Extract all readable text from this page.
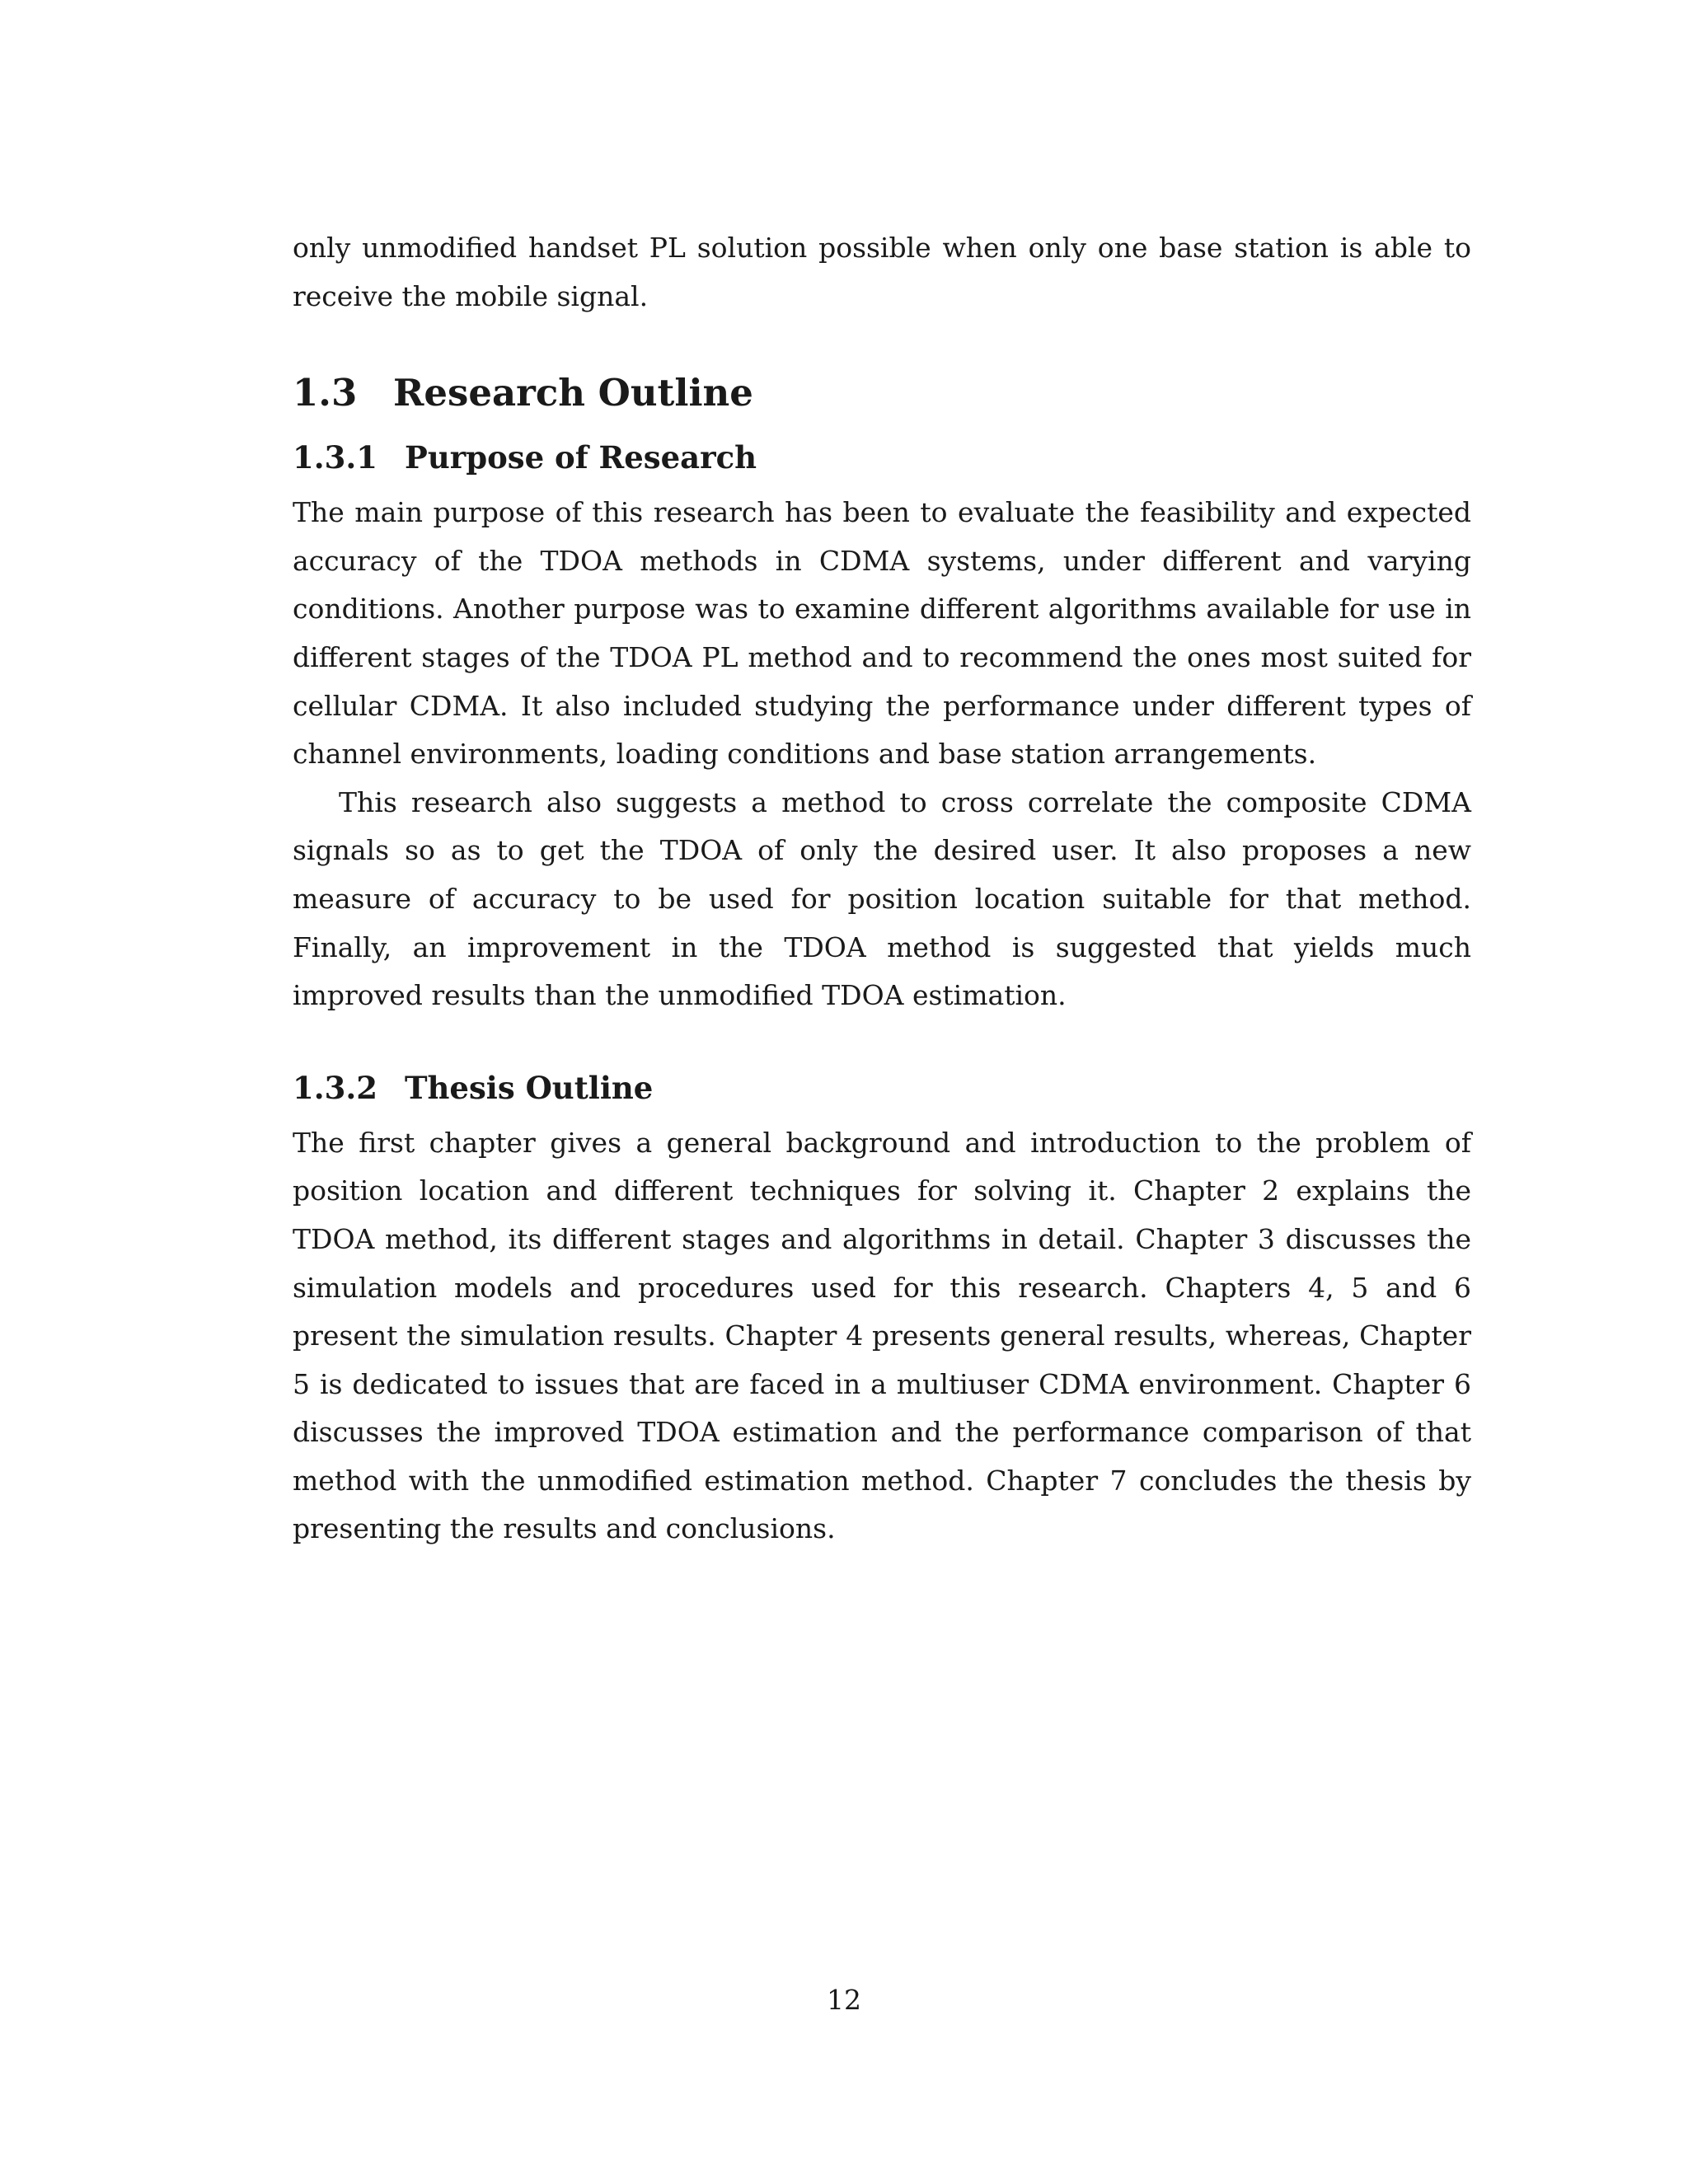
only unmodified handset PL solution possible when only one base station is able to receive the mobile signal.

1.3 Research Outline
1.3.1 Purpose of Research

The main purpose of this research has been to evaluate the feasibility and expected accuracy of the TDOA methods in CDMA systems, under different and varying conditions. Another purpose was to examine different algorithms available for use in different stages of the TDOA PL method and to recommend the ones most suited for cellular CDMA. It also included studying the performance under different types of channel environments, loading conditions and base station arrangements.

This research also suggests a method to cross correlate the composite CDMA signals so as to get the TDOA of only the desired user. It also proposes a new measure of accuracy to be used for position location suitable for that method. Finally, an improvement in the TDOA method is suggested that yields much improved results than the unmodified TDOA estimation.

1.3.2 Thesis Outline

The first chapter gives a general background and introduction to the problem of position location and different techniques for solving it. Chapter 2 explains the TDOA method, its different stages and algorithms in detail. Chapter 3 discusses the simulation models and procedures used for this research. Chapters 4, 5 and 6 present the simulation results. Chapter 4 presents general results, whereas, Chapter 5 is dedicated to issues that are faced in a multiuser CDMA environment. Chapter 6 discusses the improved TDOA estimation and the performance comparison of that method with the unmodified estimation method. Chapter 7 concludes the thesis by presenting the results and conclusions.

12
